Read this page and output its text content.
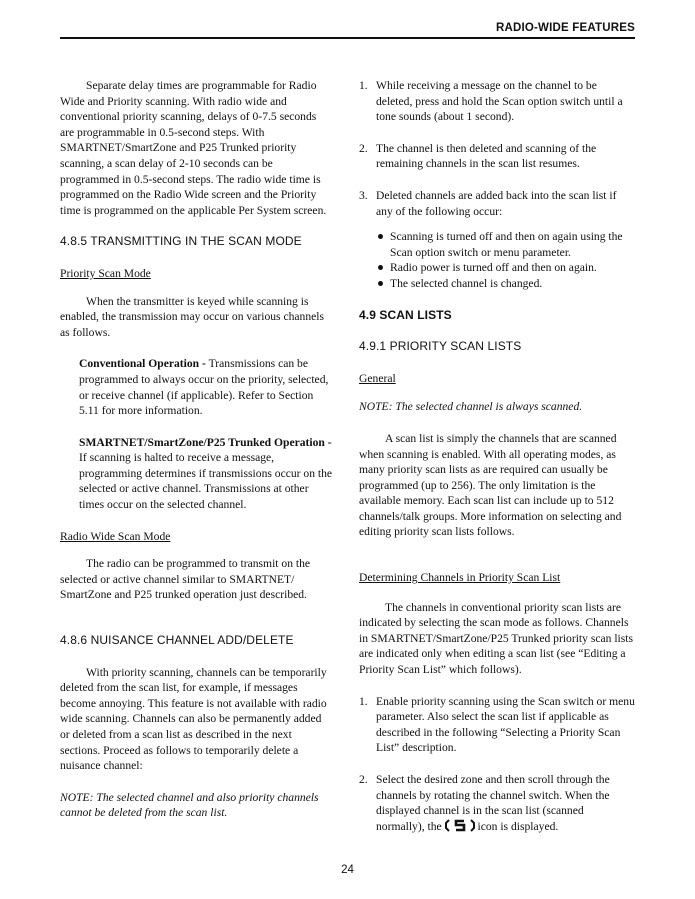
RADIO-WIDE FEATURES

Separate delay times are programmable for Radio Wide and Priority scanning. With radio wide and conventional priority scanning, delays of 0-7.5 seconds are programmable in 0.5-second steps. With SMARTNET/SmartZone and P25 Trunked priority scanning, a scan delay of 2-10 seconds can be programmed in 0.5-second steps. The radio wide time is programmed on the Radio Wide screen and the Priority time is programmed on the applicable Per System screen.

4.8.5 TRANSMITTING IN THE SCAN MODE
Priority Scan Mode

When the transmitter is keyed while scanning is enabled, the transmission may occur on various channels as follows.

Conventional Operation - Transmissions can be programmed to always occur on the priority, selected, or receive channel (if applicable). Refer to Section 5.11 for more information.

SMARTNET/SmartZone/P25 Trunked Operation - If scanning is halted to receive a message, programming determines if transmissions occur on the selected or active channel. Transmissions at other times occur on the selected channel.

Radio Wide Scan Mode

The radio can be programmed to transmit on the selected or active channel similar to SMARTNET/ SmartZone and P25 trunked operation just described.

4.8.6 NUISANCE CHANNEL ADD/DELETE

With priority scanning, channels can be temporarily deleted from the scan list, for example, if messages become annoying. This feature is not available with radio wide scanning. Channels can also be permanently added or deleted from a scan list as described in the next sections. Proceed as follows to temporarily delete a nuisance channel:

NOTE: The selected channel and also priority channels cannot be deleted from the scan list.

1. While receiving a message on the channel to be deleted, press and hold the Scan option switch until a tone sounds (about 1 second).
2. The channel is then deleted and scanning of the remaining channels in the scan list resumes.
3. Deleted channels are added back into the scan list if any of the following occur:
Scanning is turned off and then on again using the Scan option switch or menu parameter.
Radio power is turned off and then on again.
The selected channel is changed.
4.9 SCAN LISTS
4.9.1 PRIORITY SCAN LISTS
General

NOTE: The selected channel is always scanned.

A scan list is simply the channels that are scanned when scanning is enabled. With all operating modes, as many priority scan lists as are required can usually be programmed (up to 256). The only limitation is the available memory. Each scan list can include up to 512 channels/talk groups. More information on selecting and editing priority scan lists follows.

Determining Channels in Priority Scan List

The channels in conventional priority scan lists are indicated by selecting the scan mode as follows. Channels in SMARTNET/SmartZone/P25 Trunked priority scan lists are indicated only when editing a scan list (see “Editing a Priority Scan List” which follows).

1. Enable priority scanning using the Scan switch or menu parameter. Also select the scan list if applicable as described in the following “Selecting a Priority Scan List” description.
2. Select the desired zone and then scroll through the channels by rotating the channel switch. When the displayed channel is in the scan list (scanned normally), the	icon is displayed.
24
